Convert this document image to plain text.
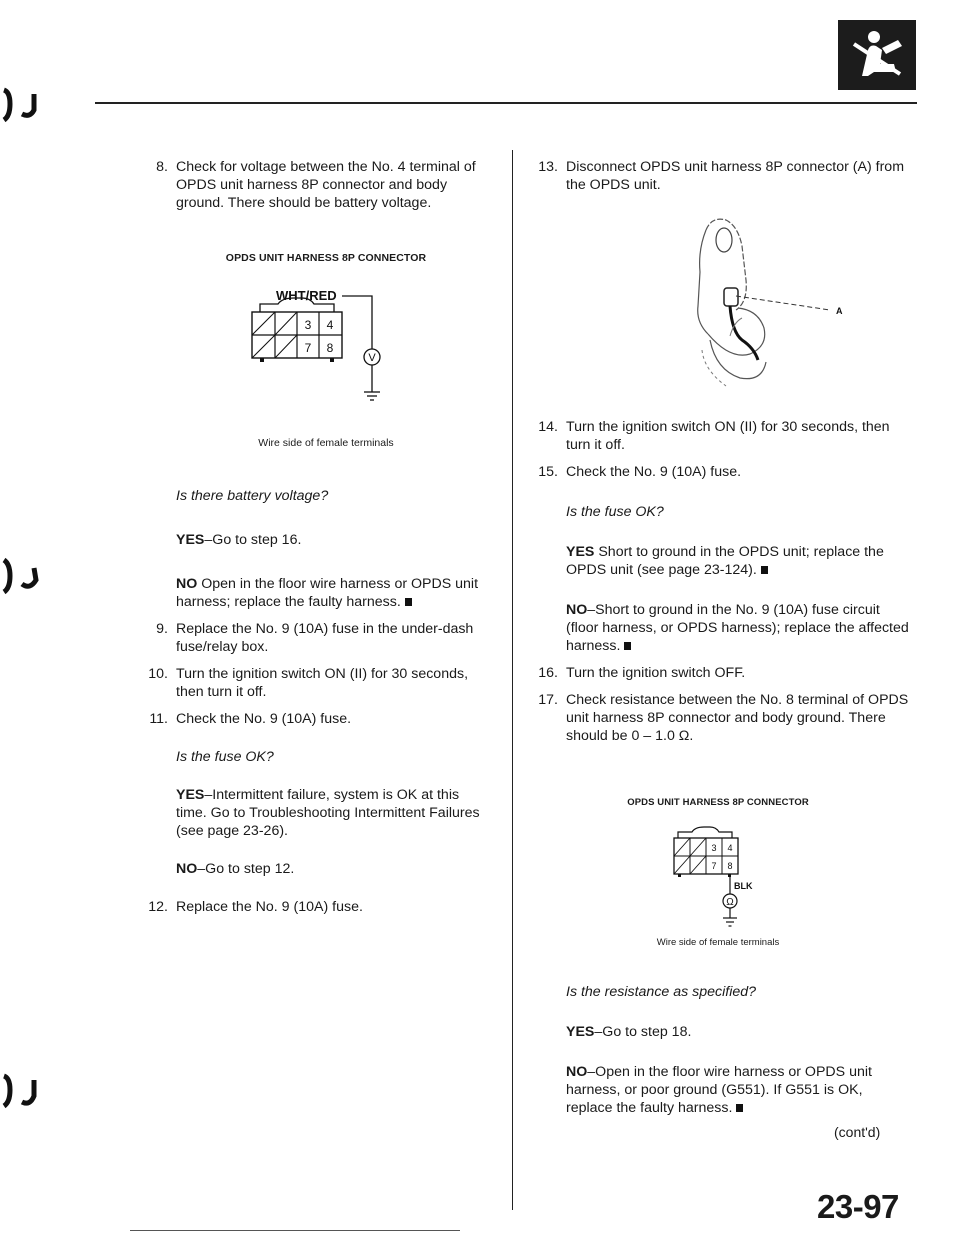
8. Check for voltage between the No. 4 terminal of OPDS unit harness 8P connector and body ground. There should be battery voltage.

OPDS UNIT HARNESS 8P CONNECTOR
WHT/RED
3 4
7 8
V
Wire side of female terminals

Is there battery voltage?

YES–Go to step 16.

NO Open in the floor wire harness or OPDS unit harness; replace the faulty harness.

9. Replace the No. 9 (10A) fuse in the under-dash fuse/relay box.

10. Turn the ignition switch ON (II) for 30 seconds, then turn it off.

11. Check the No. 9 (10A) fuse.

Is the fuse OK?

YES–Intermittent failure, system is OK at this time. Go to Troubleshooting Intermittent Failures (see page 23-26).

NO–Go to step 12.

12. Replace the No. 9 (10A) fuse.

13. Disconnect OPDS unit harness 8P connector (A) from the OPDS unit.

A

14. Turn the ignition switch ON (II) for 30 seconds, then turn it off.

15. Check the No. 9 (10A) fuse.

Is the fuse OK?

YES Short to ground in the OPDS unit; replace the OPDS unit (see page 23-124).

NO–Short to ground in the No. 9 (10A) fuse circuit (floor harness, or OPDS harness); replace the affected harness.

16. Turn the ignition switch OFF.

17. Check resistance between the No. 8 terminal of OPDS unit harness 8P connector and body ground. There should be 0 – 1.0 Ω.

OPDS UNIT HARNESS 8P CONNECTOR
3 4
7 8
BLK
Ω
Wire side of female terminals

Is the resistance as specified?

YES–Go to step 18.

NO–Open in the floor wire harness or OPDS unit harness, or poor ground (G551). If G551 is OK, replace the faulty harness.

(cont'd)
23-97
